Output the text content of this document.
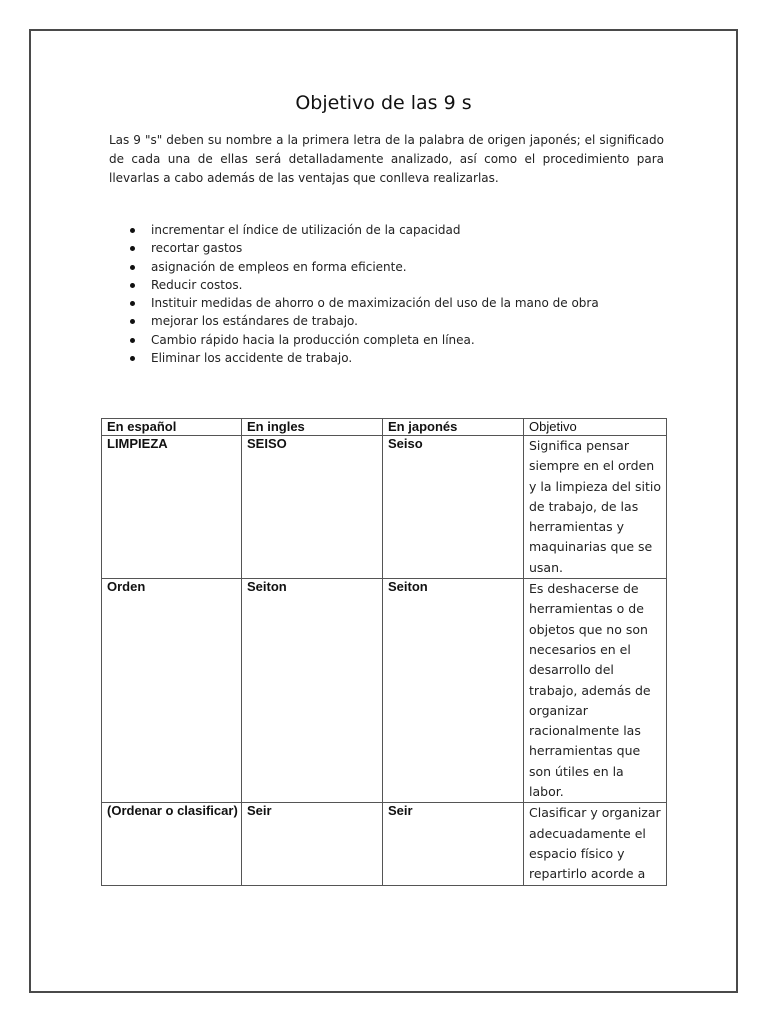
Objetivo de las 9 s

Las 9 "s" deben su nombre a la primera letra de la palabra de origen japonés; el significado de cada una de ellas será detalladamente analizado, así como el procedimiento para llevarlas a cabo además de las ventajas que conlleva realizarlas.

incrementar el índice de utilización de la capacidad
recortar gastos
asignación de empleos en forma eficiente.
Reducir costos.
Instituir medidas de ahorro o de maximización del uso de la mano de obra
mejorar los estándares de trabajo.
Cambio rápido hacia la producción completa en línea.
Eliminar los accidente de trabajo.
En español	En ingles	En japonés	Objetivo
LIMPIEZA	SEISO	Seiso	Significa pensar siempre en el orden y la limpieza del sitio de trabajo, de las herramientas y maquinarias que se usan.
Orden	Seiton	Seiton	Es deshacerse de herramientas o de objetos que no son necesarios en el desarrollo del trabajo, además de organizar racionalmente las herramientas que son útiles en la labor.
(Ordenar o clasificar)	Seir	Seir	Clasificar y organizar adecuadamente el espacio físico y repartirlo acorde a
